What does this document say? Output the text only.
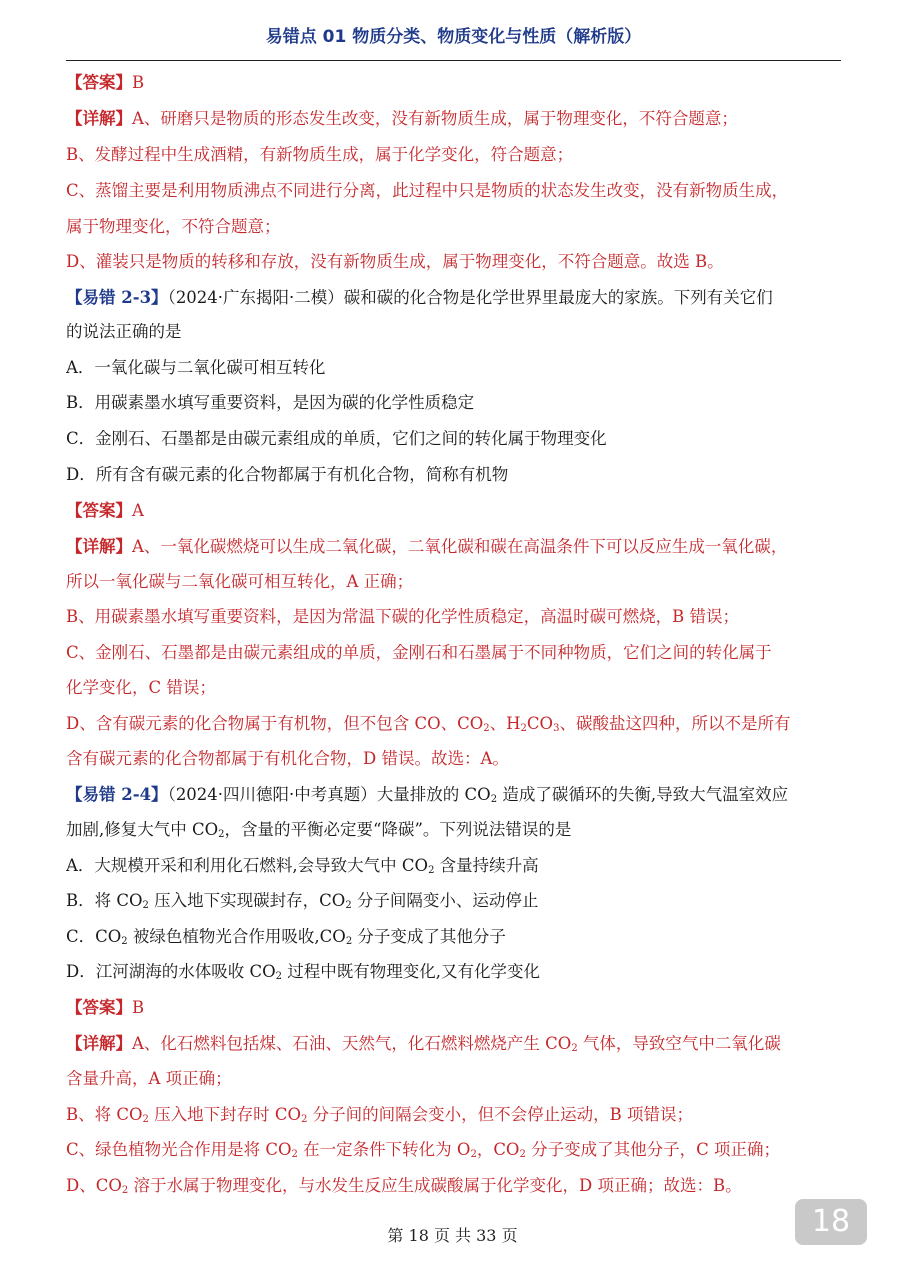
易错点 01 物质分类、物质变化与性质（解析版）
【答案】B
【详解】A、研磨只是物质的形态发生改变，没有新物质生成，属于物理变化，不符合题意；
B、发酵过程中生成酒精，有新物质生成，属于化学变化，符合题意；
C、蒸馏主要是利用物质沸点不同进行分离，此过程中只是物质的状态发生改变，没有新物质生成，
属于物理变化，不符合题意；
D、灌装只是物质的转移和存放，没有新物质生成，属于物理变化，不符合题意。故选 B。
【易错 2-3】（2024·广东揭阳·二模）碳和碳的化合物是化学世界里最庞大的家族。下列有关它们
的说法正确的是
A．一氧化碳与二氧化碳可相互转化
B．用碳素墨水填写重要资料，是因为碳的化学性质稳定
C．金刚石、石墨都是由碳元素组成的单质，它们之间的转化属于物理变化
D．所有含有碳元素的化合物都属于有机化合物，简称有机物
【答案】A
【详解】A、一氧化碳燃烧可以生成二氧化碳，二氧化碳和碳在高温条件下可以反应生成一氧化碳，
所以一氧化碳与二氧化碳可相互转化，A 正确；
B、用碳素墨水填写重要资料，是因为常温下碳的化学性质稳定，高温时碳可燃烧，B 错误；
C、金刚石、石墨都是由碳元素组成的单质，金刚石和石墨属于不同种物质，它们之间的转化属于
化学变化，C 错误；
D、含有碳元素的化合物属于有机物，但不包含 CO、$CO_2$、$H_2CO_3$、碳酸盐这四种，所以不是所有
含有碳元素的化合物都属于有机化合物，D 错误。故选：A。
【易错 2-4】（2024·四川德阳·中考真题）大量排放的 $CO_2$ 造成了碳循环的失衡,导致大气温室效应
加剧,修复大气中 $CO_2$，含量的平衡必定要“降碳”。下列说法错误的是
A．大规模开采和利用化石燃料,会导致大气中 $CO_2$ 含量持续升高
B．将 $CO_2$ 压入地下实现碳封存，$CO_2$ 分子间隔变小、运动停止
C．$CO_2$ 被绿色植物光合作用吸收$,CO_2$ 分子变成了其他分子
D．江河湖海的水体吸收 $CO_2$ 过程中既有物理变化,又有化学变化
【答案】B
【详解】A、化石燃料包括煤、石油、天然气，化石燃料燃烧产生 $CO_2$ 气体，导致空气中二氧化碳
含量升高，A 项正确；
B、将 $CO_2$ 压入地下封存时 $CO_2$ 分子间的间隔会变小，但不会停止运动，B 项错误；
C、绿色植物光合作用是将 $CO_2$ 在一定条件下转化为 $O_2$，$CO_2$ 分子变成了其他分子，C 项正确；
D、$CO_2$ 溶于水属于物理变化，与水发生反应生成碳酸属于化学变化，D 项正确；故选：B。
第 18 页 共 33 页	18
